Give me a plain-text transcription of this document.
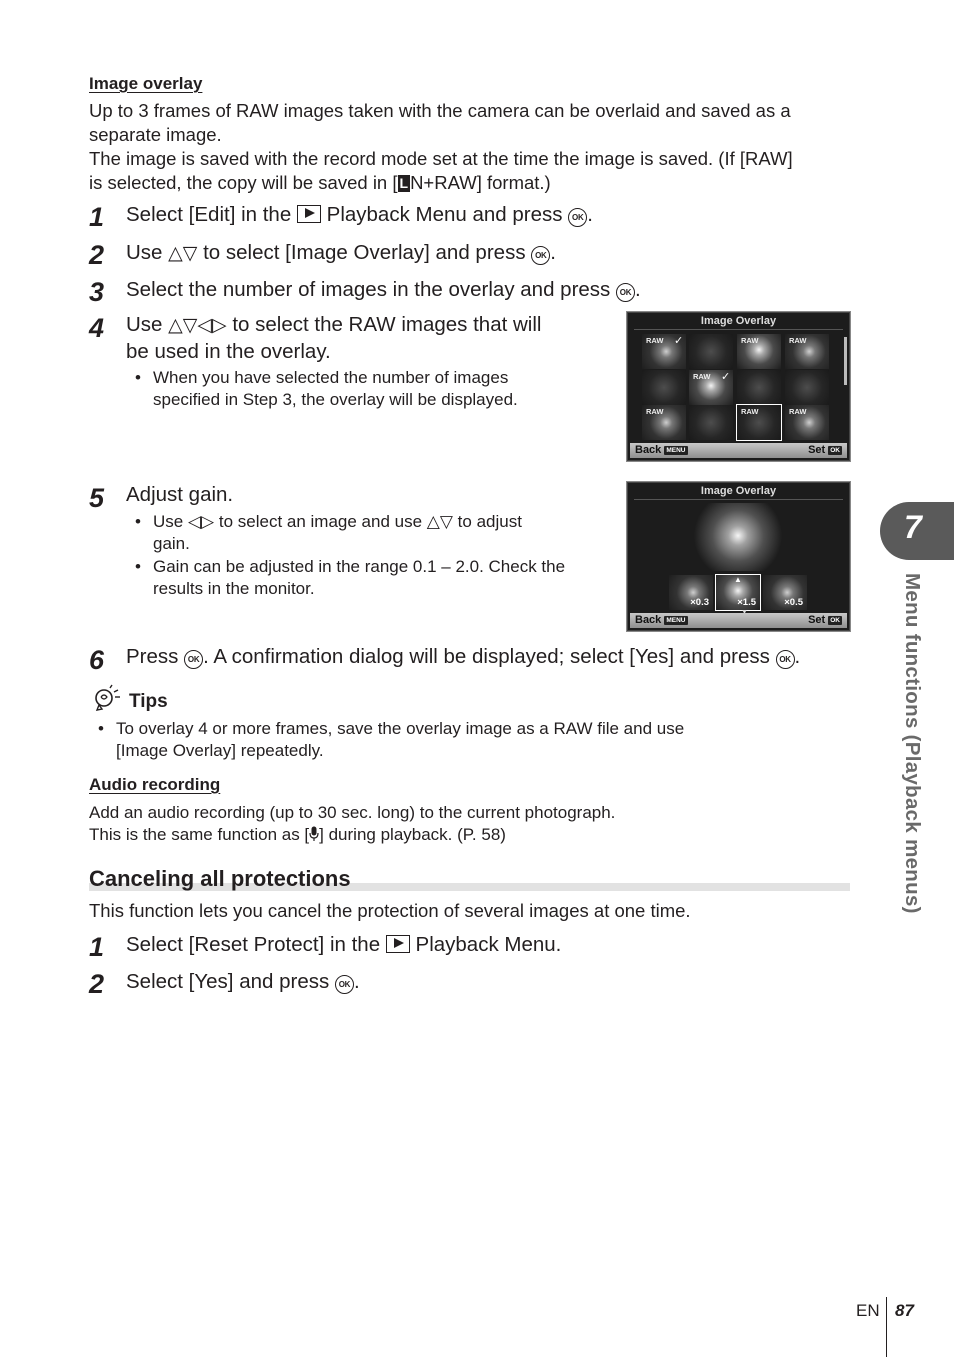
Image overlay
Up to 3 frames of RAW images taken with the camera can be overlaid and saved as a
separate image.
The image is saved with the record mode set at the time the image is saved. (If [RAW]
is selected, the copy will be saved in [ L N+RAW] format.)
1 Select [Edit] in the Playback Menu and press OK .
2 Use △▽ to select [Image Overlay] and press OK .
3 Select the number of images in the overlay and press OK .
4 Use △▽◁▷ to select the RAW images that will
be used in the overlay.
• When you have selected the number of images
specified in Step 3, the overlay will be displayed.
Image Overlay
RAW ✓	RAW	RAW
RAW ✓
RAW	RAW	RAW
Back MENU	Set OK
5 Adjust gain.
• Use ◁▷ to select an image and use △▽ to adjust
gain.
• Gain can be adjusted in the range 0.1 – 2.0. Check the
results in the monitor.
Image Overlay
×0.3
▲
×1.5	×0.5
Back MENU	Set OK
6 Press OK . A confirmation dialog will be displayed; select [Yes] and press OK .
Tips
• To overlay 4 or more frames, save the overlay image as a RAW file and use
[Image Overlay] repeatedly.
Audio recording
Add an audio recording (up to 30 sec. long) to the current photograph.
This is the same function as [ ] during playback. (P. 58)
Canceling all protections
This function lets you cancel the protection of several images at one time.
1 Select [Reset Protect] in the Playback Menu.
2 Select [Yes] and press OK .
7
Menu functions (Playback menus)
EN 87
